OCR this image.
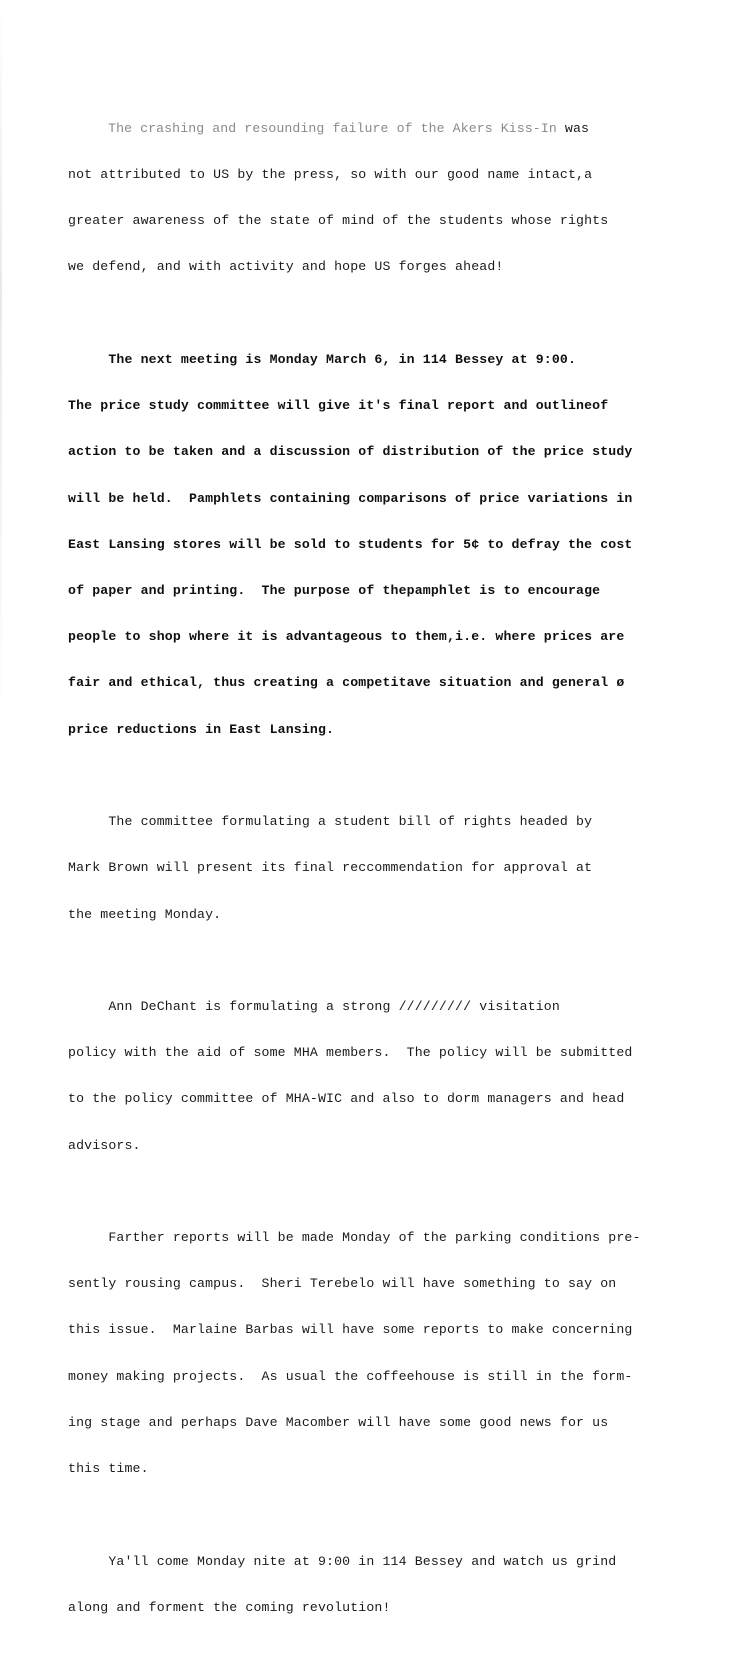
The crashing and resounding failure of the Akers Kiss-In was

not attributed to US by the press, so with our good name intact,a

greater awareness of the state of mind of the students whose rights

we defend, and with activity and hope US forges ahead!

The next meeting is Monday March 6, in 114 Bessey at 9:00.

The price study committee will give it's final report and outlineof

action to be taken and a discussion of distribution of the price study

will be held.  Pamphlets containing comparisons of price variations in

East Lansing stores will be sold to students for 5¢ to defray the cost

of paper and printing.  The purpose of thepamphlet is to encourage

people to shop where it is advantageous to them,i.e. where prices are

fair and ethical, thus creating a competitave situation and general ø

price reductions in East Lansing.

The committee formulating a student bill of rights headed by

Mark Brown will present its final reccommendation for approval at

the meeting Monday.

Ann DeChant is formulating a strong ///////// visitation

policy with the aid of some MHA members.  The policy will be submitted

to the policy committee of MHA-WIC and also to dorm managers and head

advisors.

Farther reports will be made Monday of the parking conditions pre-

sently rousing campus.  Sheri Terebelo will have something to say on

this issue.  Marlaine Barbas will have some reports to make concerning

money making projects.  As usual the coffeehouse is still in the form-

ing stage and perhaps Dave Macomber will have some good news for us

this time.

Ya'll come Monday nite at 9:00 in 114 Bessey and watch us grind

along and forment the coming revolution!
